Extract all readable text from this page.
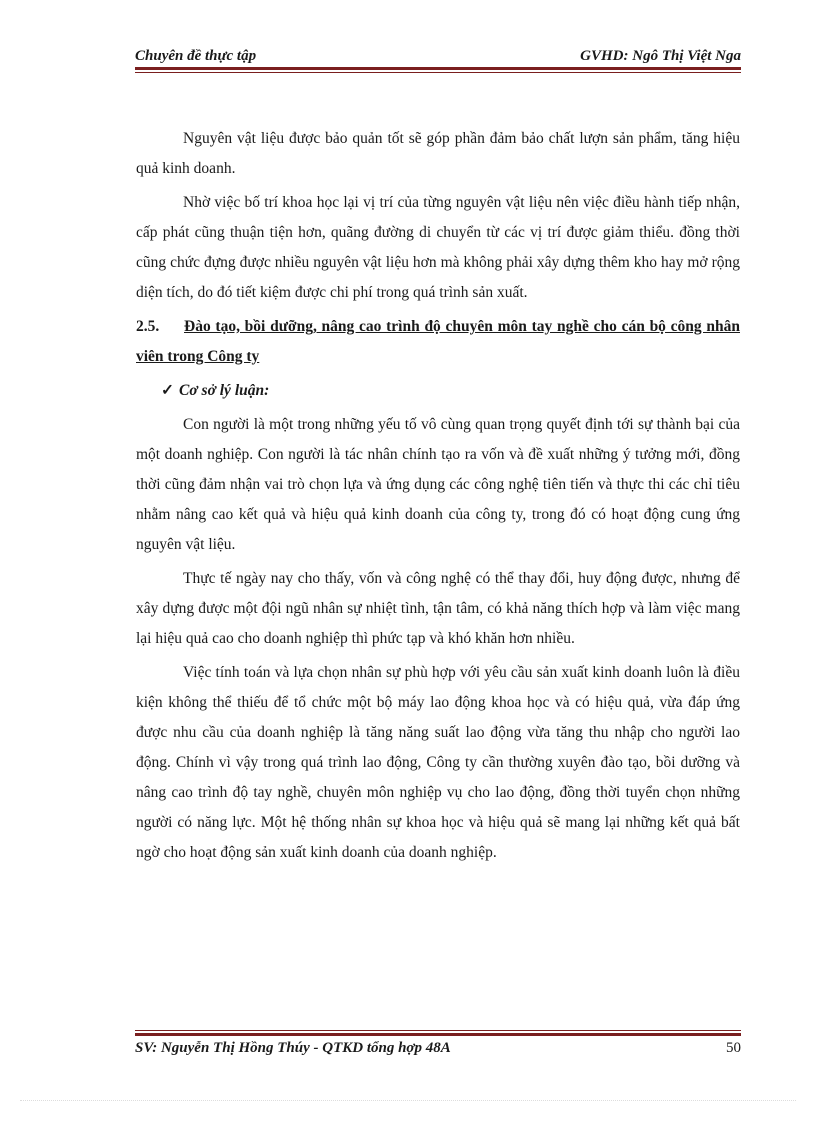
Chuyên đề thực tập	GVHD: Ngô Thị Việt Nga

Nguyên vật liệu được bảo quản tốt sẽ góp phần đảm bảo chất lượn sản phẩm, tăng hiệu quả kinh doanh.

Nhờ việc bố trí khoa học lại vị trí của từng nguyên vật liệu nên việc điều hành tiếp nhận, cấp phát cũng thuận tiện hơn, quãng đường di chuyển từ các vị trí được giảm thiểu. đồng thời cũng chức đựng được nhiều nguyên vật liệu hơn mà không phải xây dựng thêm kho hay mở rộng diện tích, do đó tiết kiệm được chi phí trong quá trình sản xuất.

2.5. Đào tạo, bồi dưỡng, nâng cao trình độ chuyên môn tay nghề cho cán bộ công nhân viên trong Công ty
✓ Cơ sở lý luận:

Con người là một trong những yếu tố vô cùng quan trọng quyết định tới sự thành bại của một doanh nghiệp. Con người là tác nhân chính tạo ra vốn và đề xuất những ý tưởng mới, đồng thời cũng đảm nhận vai trò chọn lựa và ứng dụng các công nghệ tiên tiến và thực thi các chỉ tiêu nhằm nâng cao kết quả và hiệu quả kinh doanh của công ty, trong đó có hoạt động cung ứng nguyên vật liệu.

Thực tế ngày nay cho thấy, vốn và công nghệ có thể thay đổi, huy động được, nhưng để xây dựng được một đội ngũ nhân sự nhiệt tình, tận tâm, có khả năng thích hợp và làm việc mang lại hiệu quả cao cho doanh nghiệp thì phức tạp và khó khăn hơn nhiều.

Việc tính toán và lựa chọn nhân sự phù hợp với yêu cầu sản xuất kinh doanh luôn là điều kiện không thể thiếu để tổ chức một bộ máy lao động khoa học và có hiệu quả, vừa đáp ứng được nhu cầu của doanh nghiệp là tăng năng suất lao động vừa tăng thu nhập cho người lao động. Chính vì vậy trong quá trình lao động, Công ty cần thường xuyên đào tạo, bồi dưỡng và nâng cao trình độ tay nghề, chuyên môn nghiệp vụ cho lao động, đồng thời tuyển chọn những người có năng lực. Một hệ thống nhân sự khoa học và hiệu quả sẽ mang lại những kết quả bất ngờ cho hoạt động sản xuất kinh doanh của doanh nghiệp.

SV: Nguyễn Thị Hồng Thúy - QTKD tổng hợp 48A	50
